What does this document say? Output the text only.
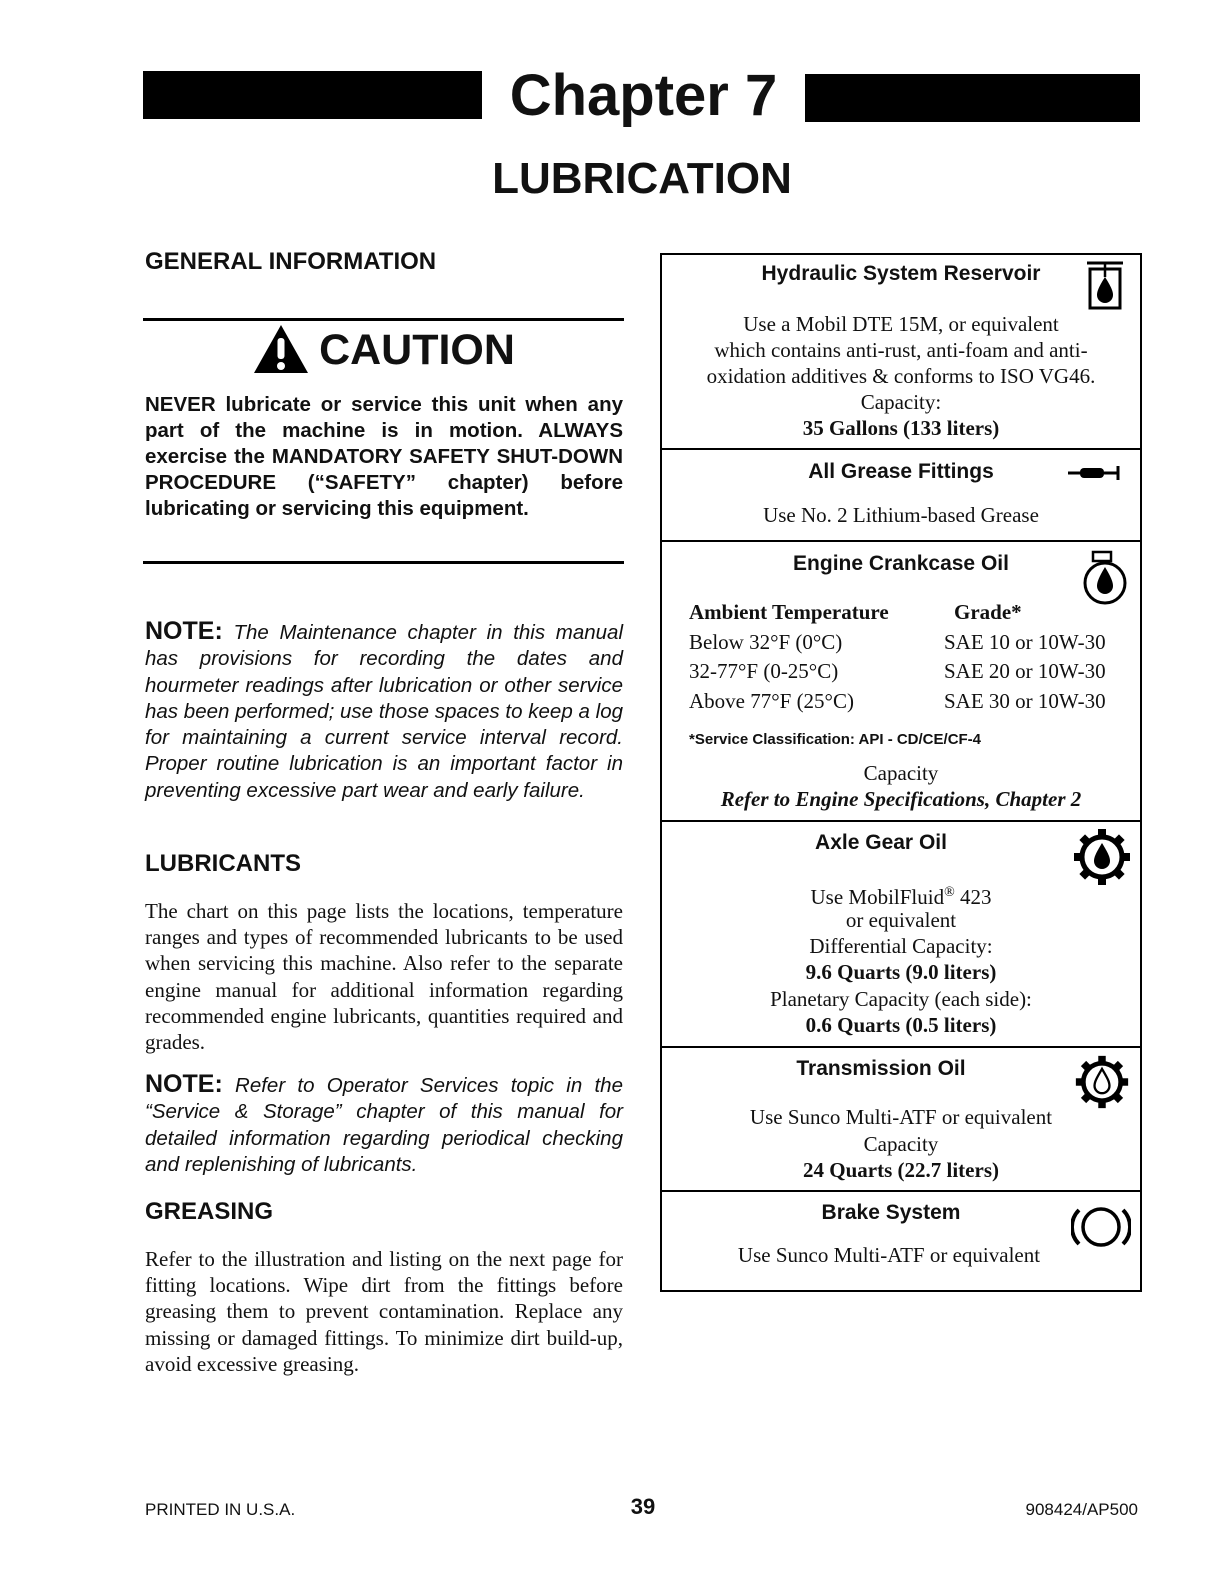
Chapter 7
LUBRICATION
GENERAL INFORMATION
CAUTION
NEVER lubricate or service this unit when any part of the machine is in motion. ALWAYS exercise the MANDATORY SAFETY SHUT-DOWN PROCEDURE (“SAFETY” chapter) before lubricating or servicing this equipment.
NOTE: The Maintenance chapter in this manual has provisions for recording the dates and hourmeter readings after lubrication or other service has been performed; use those spaces to keep a log for maintaining a current service interval record. Proper routine lubrication is an important factor in preventing excessive part wear and early failure.
LUBRICANTS
The chart on this page lists the locations, temperature ranges and types of recommended lubricants to be used when servicing this machine. Also refer to the separate engine manual for additional information regarding recommended engine lubricants, quantities required and grades.
NOTE: Refer to Operator Services topic in the “Service & Storage” chapter of this manual for detailed information regarding periodical checking and replenishing of lubricants.
GREASING
Refer to the illustration and listing on the next page for fitting locations. Wipe dirt from the fittings before greasing them to prevent contamination. Replace any missing or damaged fittings. To minimize dirt build-up, avoid excessive greasing.
Hydraulic System Reservoir
Use a Mobil DTE 15M, or equivalent
which contains anti-rust, anti-foam and anti-
oxidation additives & conforms to ISO VG46.
Capacity:
35 Gallons (133 liters)
All Grease Fittings
Use No. 2 Lithium-based Grease
Engine Crankcase Oil
Ambient Temperature	Grade*
Below 32°F (0°C)	SAE 10 or 10W-30
32-77°F (0-25°C)	SAE 20 or 10W-30
Above 77°F (25°C)	SAE 30 or 10W-30
*Service Classification: API - CD/CE/CF-4
Capacity
Refer to Engine Specifications, Chapter 2
Axle Gear Oil
Use MobilFluid® 423
or equivalent
Differential Capacity:
9.6 Quarts (9.0 liters)
Planetary Capacity (each side):
0.6 Quarts (0.5 liters)
Transmission Oil
Use Sunco Multi-ATF or equivalent
Capacity
24 Quarts (22.7 liters)
Brake System
Use Sunco Multi-ATF or equivalent
PRINTED IN U.S.A.	39	908424/AP500
